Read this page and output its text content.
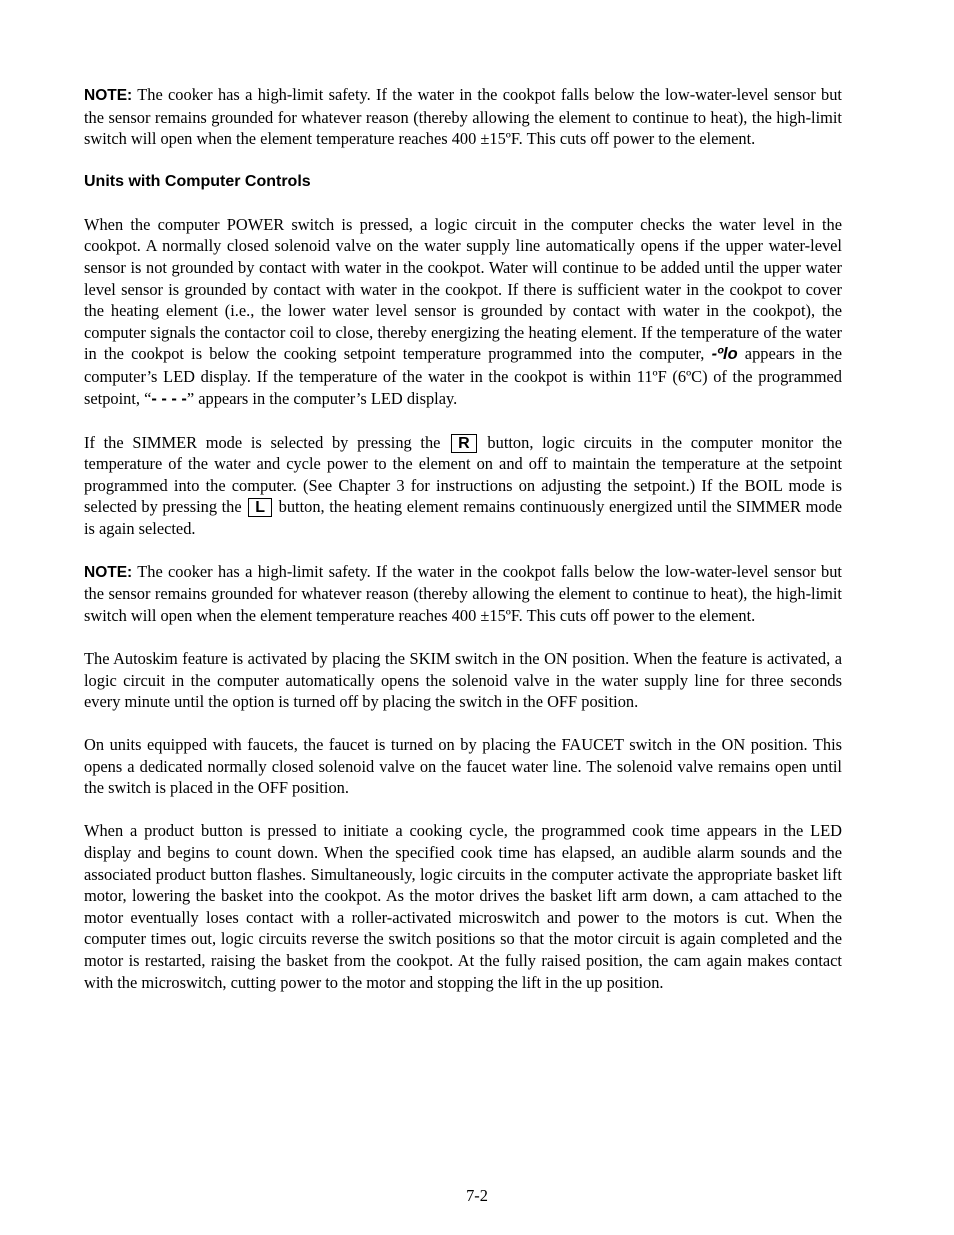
NOTE: The cooker has a high-limit safety. If the water in the cookpot falls below the low-water-level sensor but the sensor remains grounded for whatever reason (thereby allowing the element to continue to heat), the high-limit switch will open when the element temperature reaches 400 ±15ºF. This cuts off power to the element.

Units with Computer Controls

When the computer POWER switch is pressed, a logic circuit in the computer checks the water level in the cookpot. A normally closed solenoid valve on the water supply line automatically opens if the upper water-level sensor is not grounded by contact with water in the cookpot. Water will continue to be added until the upper water level sensor is grounded by contact with water in the cookpot. If there is sufficient water in the cookpot to cover the heating element (i.e., the lower water level sensor is grounded by contact with water in the cookpot), the computer signals the contactor coil to close, thereby energizing the heating element. If the temperature of the water in the cookpot is below the cooking setpoint temperature programmed into the computer, -ºlo appears in the computer’s LED display. If the temperature of the water in the cookpot is within 11ºF (6ºC) of the programmed setpoint, “- - - -” appears in the computer’s LED display.

If the SIMMER mode is selected by pressing the R button, logic circuits in the computer monitor the temperature of the water and cycle power to the element on and off to maintain the temperature at the setpoint programmed into the computer. (See Chapter 3 for instructions on adjusting the setpoint.) If the BOIL mode is selected by pressing the L button, the heating element remains continuously energized until the SIMMER mode is again selected.

NOTE: The cooker has a high-limit safety. If the water in the cookpot falls below the low-water-level sensor but the sensor remains grounded for whatever reason (thereby allowing the element to continue to heat), the high-limit switch will open when the element temperature reaches 400 ±15ºF. This cuts off power to the element.

The Autoskim feature is activated by placing the SKIM switch in the ON position. When the feature is activated, a logic circuit in the computer automatically opens the solenoid valve in the water supply line for three seconds every minute until the option is turned off by placing the switch in the OFF position.

On units equipped with faucets, the faucet is turned on by placing the FAUCET switch in the ON position. This opens a dedicated normally closed solenoid valve on the faucet water line. The solenoid valve remains open until the switch is placed in the OFF position.

When a product button is pressed to initiate a cooking cycle, the programmed cook time appears in the LED display and begins to count down. When the specified cook time has elapsed, an audible alarm sounds and the associated product button flashes. Simultaneously, logic circuits in the computer activate the appropriate basket lift motor, lowering the basket into the cookpot. As the motor drives the basket lift arm down, a cam attached to the motor eventually loses contact with a roller-activated microswitch and power to the motors is cut. When the computer times out, logic circuits reverse the switch positions so that the motor circuit is again completed and the motor is restarted, raising the basket from the cookpot. At the fully raised position, the cam again makes contact with the microswitch, cutting power to the motor and stopping the lift in the up position.

7-2
